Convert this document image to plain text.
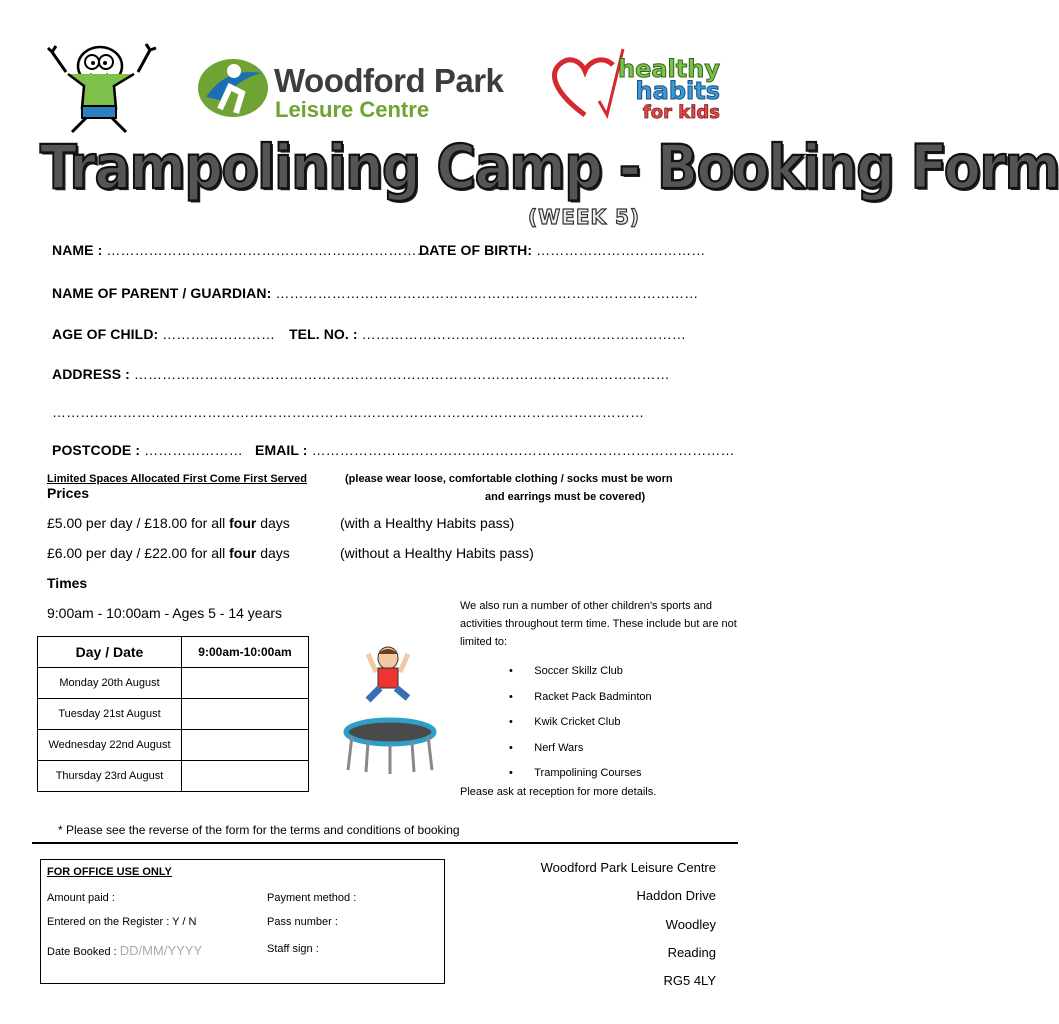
Woodford Park
Leisure Centre
healthy
habits
for kids
Trampolining Camp - Booking Form
(WEEK 5)
NAME : ……………………………………………………………
DATE OF BIRTH: ………………………………
NAME OF PARENT / GUARDIAN: ………………………………………………………………………………
AGE OF CHILD: …………………… TEL. NO. : ……………………………………………………………
ADDRESS : ……………………………………………………………………………………………………
………………………………………………………………………………………………………………
POSTCODE : ………………… EMAIL : ………………………………………………………………………………
Limited Spaces Allocated First Come First Served	(please wear loose, comfortable clothing / socks must be worn
and earrings must be covered)
Prices
£5.00 per day / £18.00 for all four days	(with a Healthy Habits pass)
£6.00 per day / £22.00 for all four days	(without a Healthy Habits pass)
Times
9:00am - 10:00am - Ages 5 - 14 years
Day / Date	9:00am-10:00am
Monday 20th August	
Tuesday 21st August	
Wednesday 22nd August	
Thursday 23rd August	
We also run a number of other children's sports and activities throughout term time. These include but are not limited to:
•       Soccer Skillz Club
•       Racket Pack Badminton
•       Kwik Cricket Club
•       Nerf Wars
•       Trampolining Courses
Please ask at reception for more details.
* Please see the reverse of the form for the terms and conditions of booking
FOR OFFICE USE ONLY
Amount paid :	Payment method :
Entered on the Register : Y / N	Pass number :
Date Booked : DD/MM/YYYY	Staff sign :
Woodford Park Leisure Centre
Haddon Drive
Woodley
Reading
RG5 4LY
